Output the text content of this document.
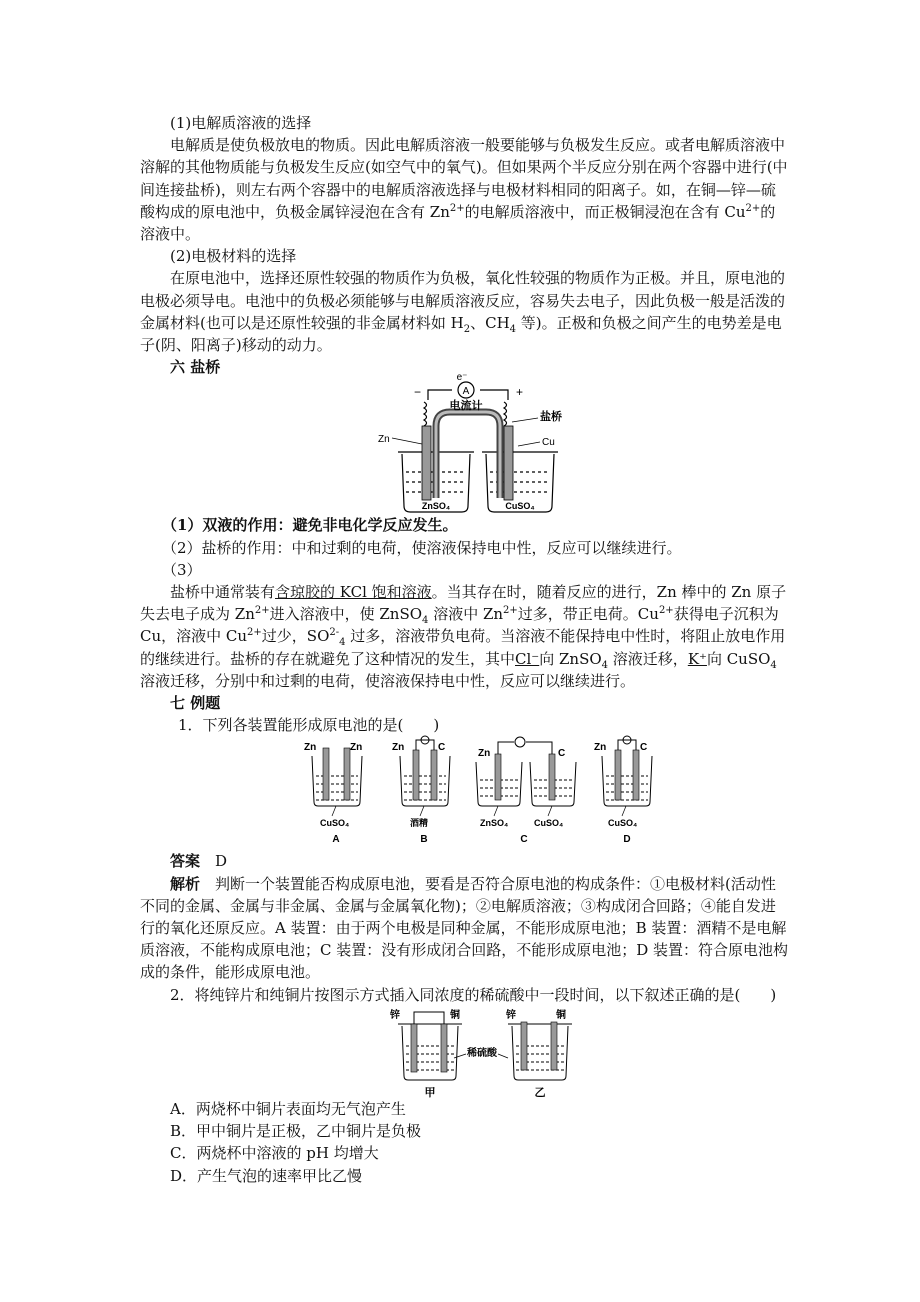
(1)电解质溶液的选择

电解质是使负极放电的物质。因此电解质溶液一般要能够与负极发生反应。或者电解质溶液中溶解的其他物质能与负极发生反应(如空气中的氧气)。但如果两个半反应分别在两个容器中进行(中间连接盐桥)，则左右两个容器中的电解质溶液选择与电极材料相同的阳离子。如，在铜—锌—硫酸构成的原电池中，负极金属锌浸泡在含有 $Zn^{2+}$的电解质溶液中，而正极铜浸泡在含有 $Cu^{2+}$的溶液中。

(2)电极材料的选择

在原电池中，选择还原性较强的物质作为负极，氧化性较强的物质作为正极。并且，原电池的电极必须导电。电池中的负极必须能够与电解质溶液反应，容易失去电子，因此负极一般是活泼的金属材料(也可以是还原性较强的非金属材料如 $H_2$、$CH_4$ 等)。正极和负极之间产生的电势差是电子(阴、阳离子)移动的动力。

六 盐桥

A
e⁻
电流计
−	+
盐桥
Zn	Cu
ZnSO₄	CuSO₄

（1）双液的作用：避免非电化学反应发生。

（2）盐桥的作用：中和过剩的电荷，使溶液保持电中性，反应可以继续进行。

（3）

盐桥中通常装有含琼胶的 KCl 饱和溶液。当其存在时，随着反应的进行，Zn 棒中的 Zn 原子失去电子成为 $Zn^{2+}$进入溶液中，使 ZnSO$_4$ 溶液中 $Zn^{2+}$过多，带正电荷。$Cu^{2+}$获得电子沉积为 Cu，溶液中 $Cu^{2+}$过少，$SO^{2-}_4$ 过多，溶液带负电荷。当溶液不能保持电中性时，将阻止放电作用的继续进行。盐桥的存在就避免了这种情况的发生，其中Cl⁻向 ZnSO$_4$ 溶液迁移，K⁺向 CuSO$_4$ 溶液迁移，分别中和过剩的电荷，使溶液保持电中性，反应可以继续进行。

七 例题

1．下列各装置能形成原电池的是(　　)

Zn	Zn
CuSO₄
A
Zn	C
酒精
B
Zn	C
ZnSO₄	CuSO₄
C
Zn	C
CuSO₄
D

答案　 D

解析　 判断一个装置能否构成原电池，要看是否符合原电池的构成条件：①电极材料(活动性不同的金属、金属与非金属、金属与金属氧化物)；②电解质溶液；③构成闭合回路；④能自发进行的氧化还原反应。A 装置：由于两个电极是同种金属，不能形成原电池；B 装置：酒精不是电解质溶液，不能构成原电池；C 装置：没有形成闭合回路，不能形成原电池；D 装置：符合原电池构成的条件，能形成原电池。

2．将纯锌片和纯铜片按图示方式插入同浓度的稀硫酸中一段时间，以下叙述正确的是(　　)

锌	铜
稀硫酸
甲
锌	铜
乙

A．两烧杯中铜片表面均无气泡产生

B．甲中铜片是正极，乙中铜片是负极

C．两烧杯中溶液的 pH 均增大

D．产生气泡的速率甲比乙慢
